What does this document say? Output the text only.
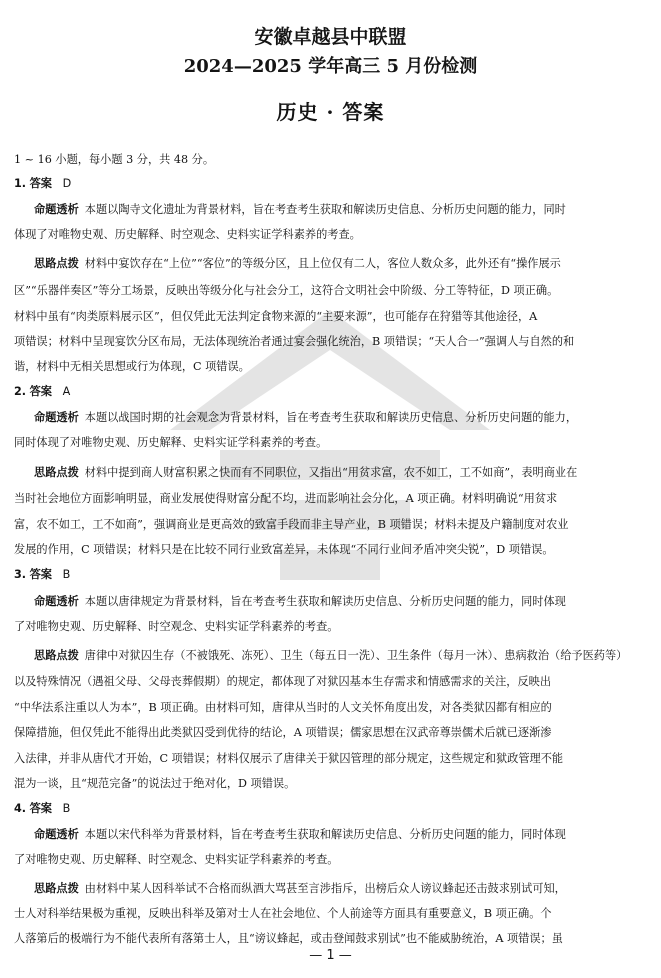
安徽卓越县中联盟
2024—2025 学年高三 5 月份检测
历史 · 答案
1 ~ 16 小题，每小题 3 分，共 48 分。
1. 答案 D
命题透析 本题以陶寺文化遗址为背景材料，旨在考查考生获取和解读历史信息、分析历史问题的能力，同时
体现了对唯物史观、历史解释、时空观念、史料实证学科素养的考查。
思路点拨 材料中宴饮存在“上位”“客位”的等级分区，且上位仅有二人，客位人数众多，此外还有“操作展示
区”“乐器伴奏区”等分工场景，反映出等级分化与社会分工，这符合文明社会中阶级、分工等特征，D 项正确。
材料中虽有“肉类原料展示区”，但仅凭此无法判定食物来源的“主要来源”，也可能存在狩猎等其他途径，A
项错误；材料中呈现宴饮分区布局，无法体现统治者通过宴会强化统治，B 项错误；“天人合一”强调人与自然的和
谐，材料中无相关思想或行为体现，C 项错误。
2. 答案 A
命题透析 本题以战国时期的社会观念为背景材料，旨在考查考生获取和解读历史信息、分析历史问题的能力，
同时体现了对唯物史观、历史解释、史料实证学科素养的考查。
思路点拨 材料中提到商人财富积累之快而有不同职位，又指出“用贫求富，农不如工，工不如商”，表明商业在
当时社会地位方面影响明显，商业发展使得财富分配不均，进而影响社会分化，A 项正确。材料明确说“用贫求
富，农不如工，工不如商”，强调商业是更高效的致富手段而非主导产业，B 项错误；材料未提及户籍制度对农业
发展的作用，C 项错误；材料只是在比较不同行业致富差异，未体现“不同行业间矛盾冲突尖锐”，D 项错误。
3. 答案 B
命题透析 本题以唐律规定为背景材料，旨在考查考生获取和解读历史信息、分析历史问题的能力，同时体现
了对唯物史观、历史解释、时空观念、史料实证学科素养的考查。
思路点拨 唐律中对狱囚生存（不被饿死、冻死）、卫生（每五日一洗）、卫生条件（每月一沐）、患病救治（给予医药等）
以及特殊情况（遇祖父母、父母丧葬假期）的规定，都体现了对狱囚基本生存需求和情感需求的关注，反映出
“中华法系注重以人为本”，B 项正确。由材料可知，唐律从当时的人文关怀角度出发，对各类狱囚都有相应的
保障措施，但仅凭此不能得出此类狱囚受到优待的结论，A 项错误；儒家思想在汉武帝尊崇儒术后就已逐渐渗
入法律，并非从唐代才开始，C 项错误；材料仅展示了唐律关于狱囚管理的部分规定，这些规定和狱政管理不能
混为一谈，且“规范完备”的说法过于绝对化，D 项错误。
4. 答案 B
命题透析 本题以宋代科举为背景材料，旨在考查考生获取和解读历史信息、分析历史问题的能力，同时体现
了对唯物史观、历史解释、时空观念、史料实证学科素养的考查。
思路点拨 由材料中某人因科举试不合格而纵酒大骂甚至言涉指斥，出榜后众人谤议蜂起还击鼓求别试可知，
士人对科举结果极为重视，反映出科举及第对士人在社会地位、个人前途等方面具有重要意义，B 项正确。个
人落第后的极端行为不能代表所有落第士人，且“谤议蜂起，或击登闻鼓求别试”也不能威胁统治，A 项错误；虽
— 1 —
